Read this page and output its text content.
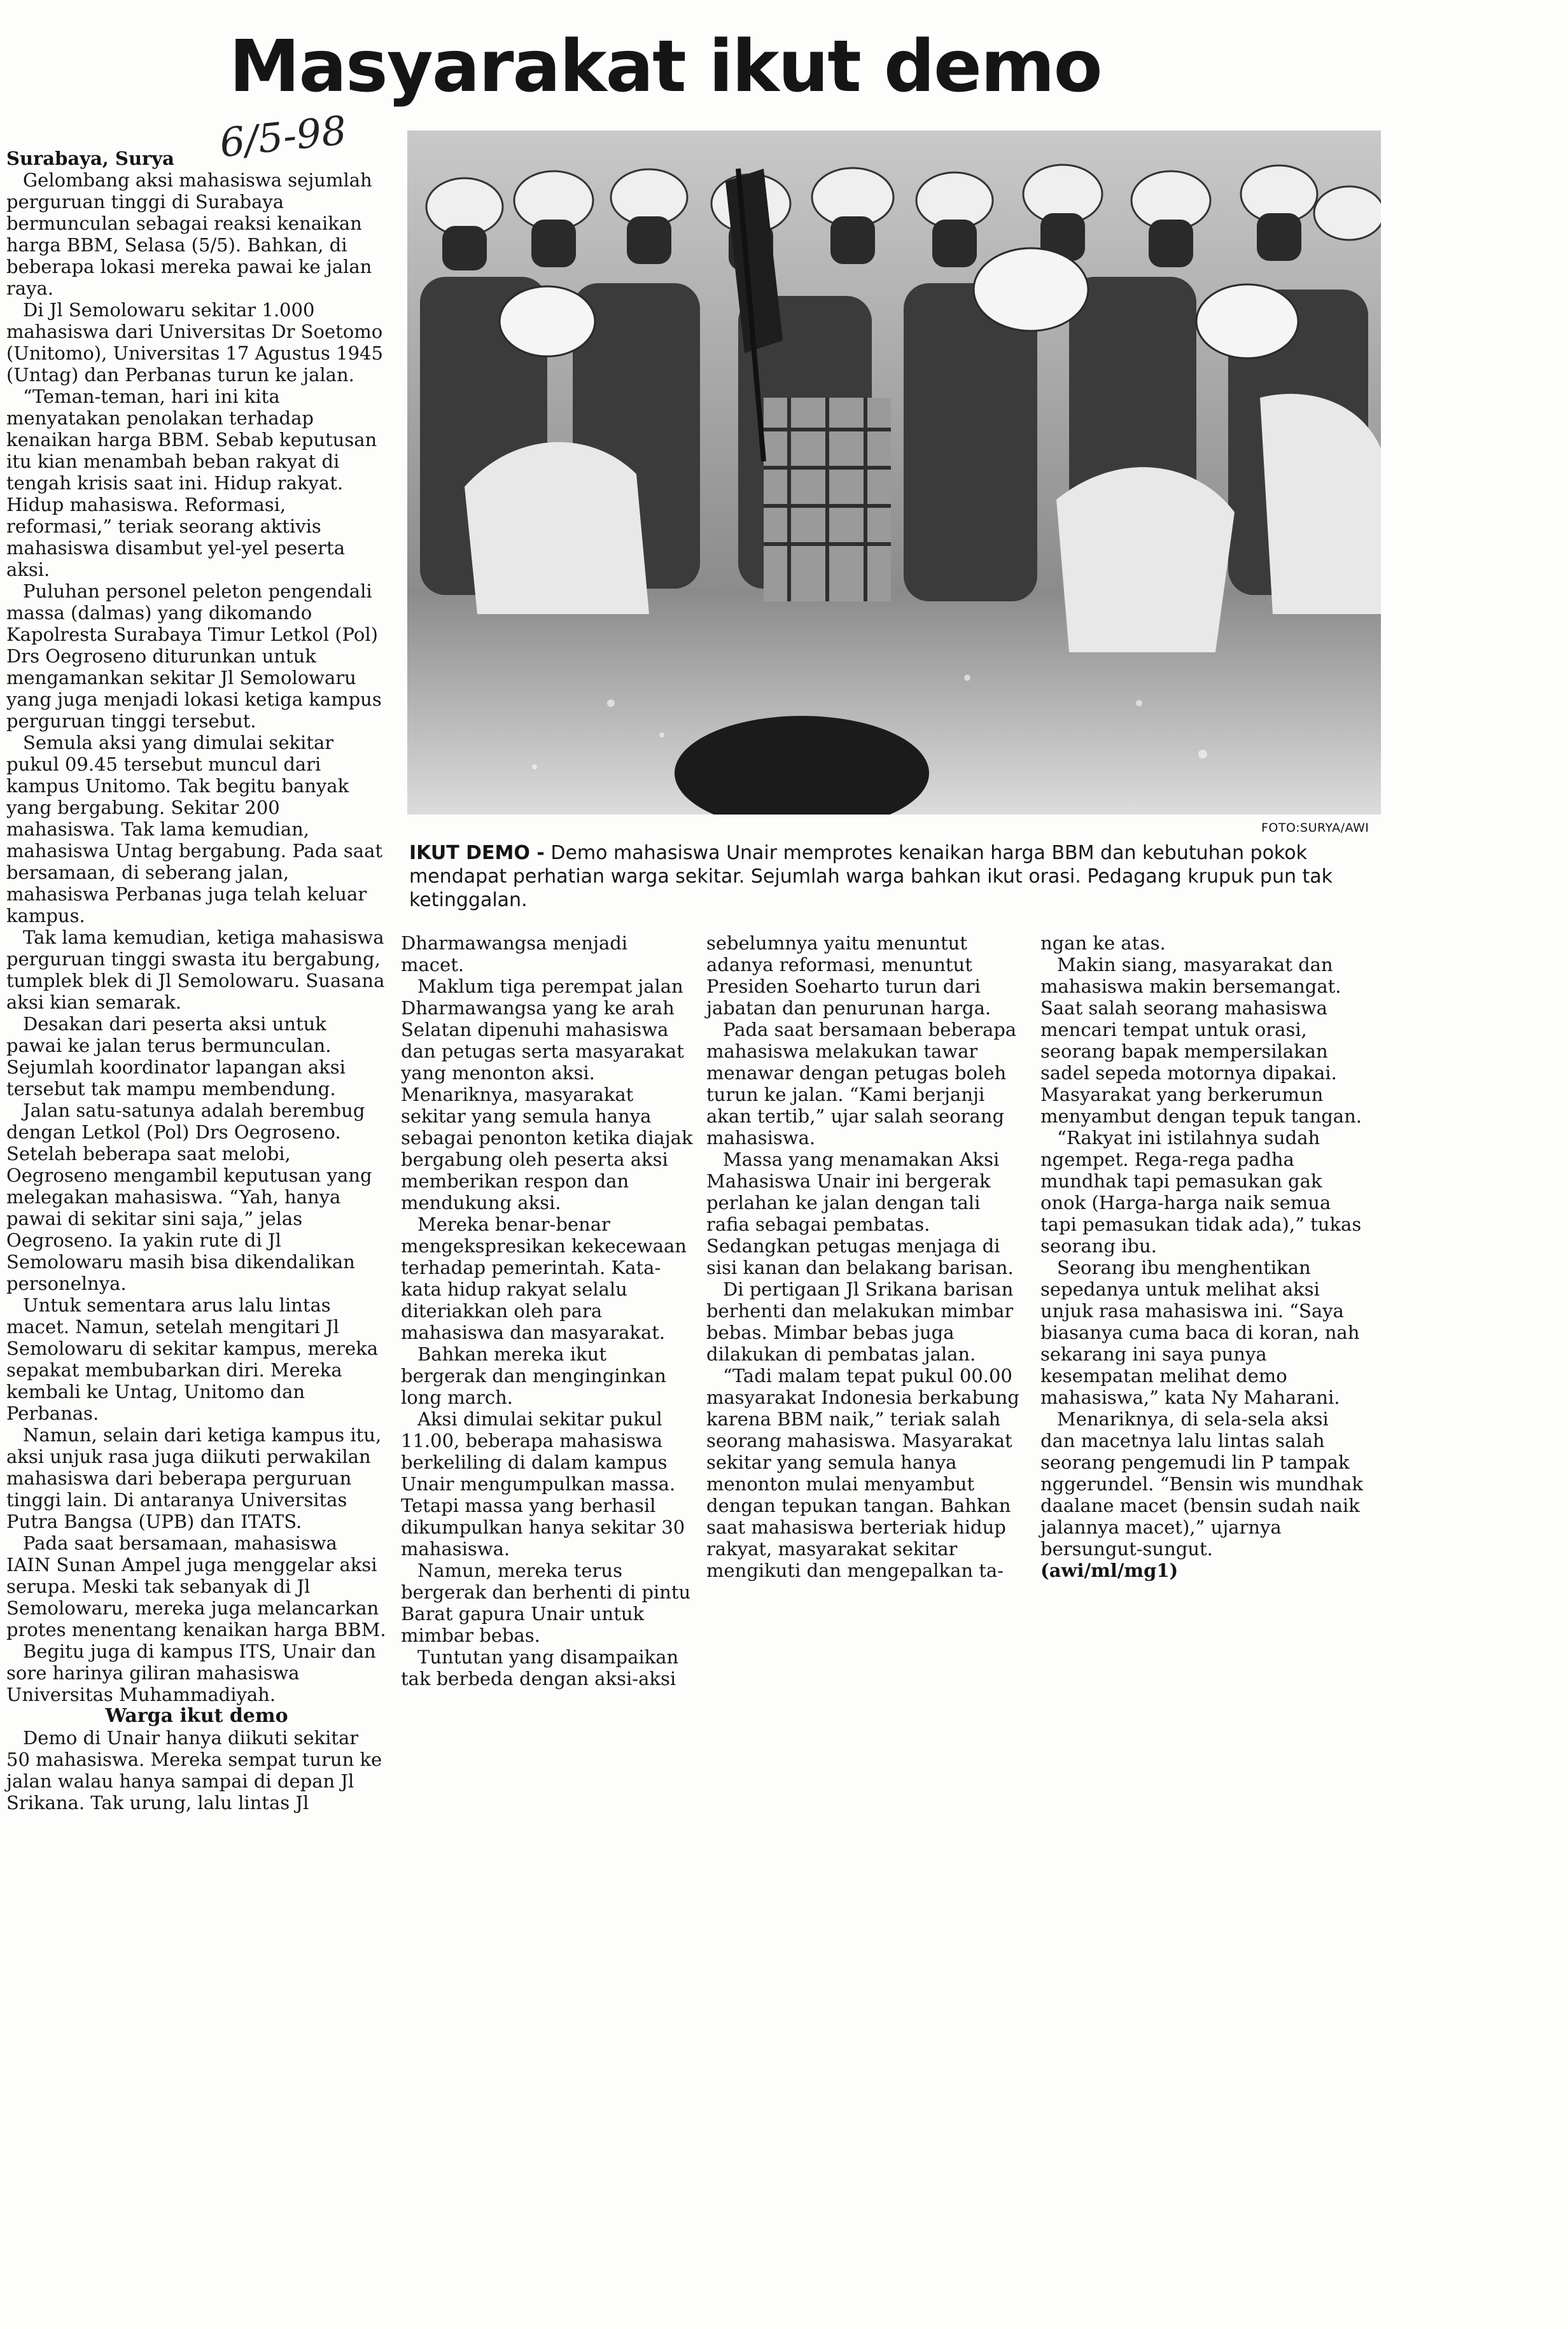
Masyarakat ikut demo
6/5-98
FOTO:SURYA/AWI
IKUT DEMO - Demo mahasiswa Unair memprotes kenaikan harga BBM dan kebutuhan pokok mendapat perhatian warga sekitar. Sejumlah warga bahkan ikut orasi. Pedagang krupuk pun tak ketinggalan.

Surabaya, Surya

Gelombang aksi mahasiswa sejumlah perguruan tinggi di Surabaya bermunculan sebagai reaksi kenaikan harga BBM, Selasa (5/5). Bahkan, di beberapa lokasi mereka pawai ke jalan raya.

Di Jl Semolowaru sekitar 1.000 mahasiswa dari Universitas Dr Soetomo (Unitomo), Universitas 17 Agustus 1945 (Untag) dan Perbanas turun ke jalan.

“Teman-teman, hari ini kita menyatakan penolakan terhadap kenaikan harga BBM. Sebab keputusan itu kian menambah beban rakyat di tengah krisis saat ini. Hidup rakyat. Hidup mahasiswa. Reformasi, reformasi,” teriak seorang aktivis mahasiswa disambut yel-yel peserta aksi.

Puluhan personel peleton pengendali massa (dalmas) yang dikomando Kapolresta Surabaya Timur Letkol (Pol) Drs Oegroseno diturunkan untuk mengamankan sekitar Jl Semolowaru yang juga menjadi lokasi ketiga kampus perguruan tinggi tersebut.

Semula aksi yang dimulai sekitar pukul 09.45 tersebut muncul dari kampus Unitomo. Tak begitu banyak yang bergabung. Sekitar 200 mahasiswa. Tak lama kemudian, mahasiswa Untag bergabung. Pada saat bersamaan, di seberang jalan, mahasiswa Perbanas juga telah keluar kampus.

Tak lama kemudian, ketiga mahasiswa perguruan tinggi swasta itu bergabung, tumplek blek di Jl Semolowaru. Suasana aksi kian semarak.

Desakan dari peserta aksi untuk pawai ke jalan terus bermunculan. Sejumlah koordinator lapangan aksi tersebut tak mampu membendung.

Jalan satu-satunya adalah berembug dengan Letkol (Pol) Drs Oegroseno. Setelah beberapa saat melobi, Oegroseno mengambil keputusan yang melegakan mahasiswa. “Yah, hanya pawai di sekitar sini saja,” jelas Oegroseno. Ia yakin rute di Jl Semolowaru masih bisa dikendalikan personelnya.

Untuk sementara arus lalu lintas macet. Namun, setelah mengitari Jl Semolowaru di sekitar kampus, mereka sepakat membubarkan diri. Mereka kembali ke Untag, Unitomo dan Perbanas.

Namun, selain dari ketiga kampus itu, aksi unjuk rasa juga diikuti perwakilan mahasiswa dari beberapa perguruan tinggi lain. Di antaranya Universitas Putra Bangsa (UPB) dan ITATS.

Pada saat bersamaan, mahasiswa IAIN Sunan Ampel juga menggelar aksi serupa. Meski tak sebanyak di Jl Semolowaru, mereka juga melancarkan protes menentang kenaikan harga BBM.

Begitu juga di kampus ITS, Unair dan sore harinya giliran mahasiswa Universitas Muhammadiyah.

Warga ikut demo

Demo di Unair hanya diikuti sekitar 50 mahasiswa. Mereka sempat turun ke jalan walau hanya sampai di depan Jl Srikana. Tak urung, lalu lintas Jl

Dharmawangsa menjadi macet.

Maklum tiga perempat jalan Dharmawangsa yang ke arah Selatan dipenuhi mahasiswa dan petugas serta masyarakat yang menonton aksi. Menariknya, masyarakat sekitar yang semula hanya sebagai penonton ketika diajak bergabung oleh peserta aksi memberikan respon dan mendukung aksi.

Mereka benar-benar mengekspresikan kekecewaan terhadap pemerintah. Kata-kata hidup rakyat selalu diteriakkan oleh para mahasiswa dan masyarakat.

Bahkan mereka ikut bergerak dan menginginkan long march.

Aksi dimulai sekitar pukul 11.00, beberapa mahasiswa berkeliling di dalam kampus Unair mengumpulkan massa. Tetapi massa yang berhasil dikumpulkan hanya sekitar 30 mahasiswa.

Namun, mereka terus bergerak dan berhenti di pintu Barat gapura Unair untuk mimbar bebas.

Tuntutan yang disampaikan tak berbeda dengan aksi-aksi

sebelumnya yaitu menuntut adanya reformasi, menuntut Presiden Soeharto turun dari jabatan dan penurunan harga.

Pada saat bersamaan beberapa mahasiswa melakukan tawar menawar dengan petugas boleh turun ke jalan. “Kami berjanji akan tertib,” ujar salah seorang mahasiswa.

Massa yang menamakan Aksi Mahasiswa Unair ini bergerak perlahan ke jalan dengan tali rafia sebagai pembatas. Sedangkan petugas menjaga di sisi kanan dan belakang barisan.

Di pertigaan Jl Srikana barisan berhenti dan melakukan mimbar bebas. Mimbar bebas juga dilakukan di pembatas jalan.

“Tadi malam tepat pukul 00.00 masyarakat Indonesia berkabung karena BBM naik,” teriak salah seorang mahasiswa. Masyarakat sekitar yang semula hanya menonton mulai menyambut dengan tepukan tangan. Bahkan saat mahasiswa berteriak hidup rakyat, masyarakat sekitar mengikuti dan mengepalkan ta-

ngan ke atas.

Makin siang, masyarakat dan mahasiswa makin bersemangat. Saat salah seorang mahasiswa mencari tempat untuk orasi, seorang bapak mempersilakan sadel sepeda motornya dipakai. Masyarakat yang berkerumun menyambut dengan tepuk tangan.

“Rakyat ini istilahnya sudah ngempet. Rega-rega padha mundhak tapi pemasukan gak onok (Harga-harga naik semua tapi pemasukan tidak ada),” tukas seorang ibu.

Seorang ibu menghentikan sepedanya untuk melihat aksi unjuk rasa mahasiswa ini. “Saya biasanya cuma baca di koran, nah sekarang ini saya punya kesempatan melihat demo mahasiswa,” kata Ny Maharani.

Menariknya, di sela-sela aksi dan macetnya lalu lintas salah seorang pengemudi lin P tampak nggerundel. “Bensin wis mundhak daalane macet (bensin sudah naik jalannya macet),” ujarnya bersungut-sungut.

(awi/ml/mg1)
